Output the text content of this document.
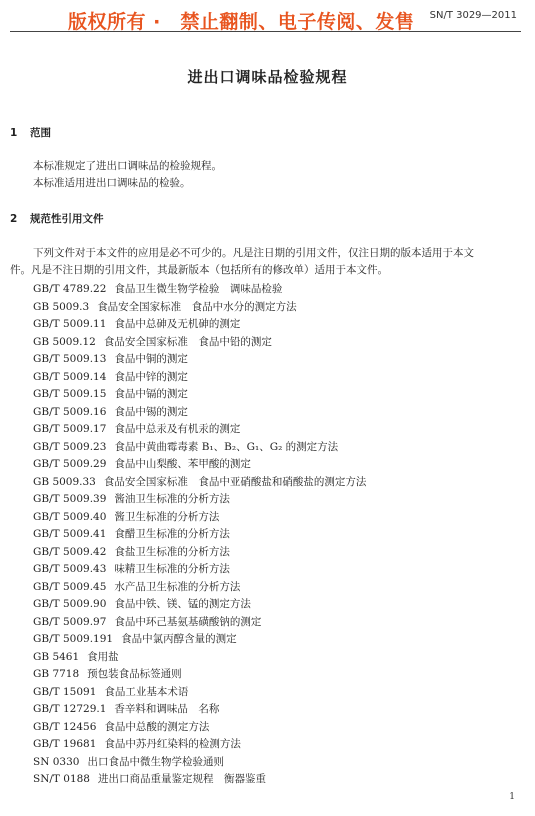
版权所有 ·　禁止翻制、电子传阅、发售 SN/T 3029—2011
进出口调味品检验规程
1 范围
本标准规定了进出口调味品的检验规程。
本标准适用进出口调味品的检验。
2 规范性引用文件
下列文件对于本文件的应用是必不可少的。凡是注日期的引用文件，仅注日期的版本适用于本文
件。凡是不注日期的引用文件，其最新版本（包括所有的修改单）适用于本文件。
GB/T 4789.22 食品卫生微生物学检验　调味品检验
GB 5009.3 食品安全国家标准　食品中水分的测定方法
GB/T 5009.11 食品中总砷及无机砷的测定
GB 5009.12 食品安全国家标准　食品中铅的测定
GB/T 5009.13 食品中铜的测定
GB/T 5009.14 食品中锌的测定
GB/T 5009.15 食品中镉的测定
GB/T 5009.16 食品中锡的测定
GB/T 5009.17 食品中总汞及有机汞的测定
GB/T 5009.23 食品中黄曲霉毒素 B₁、B₂、G₁、G₂ 的测定方法
GB/T 5009.29 食品中山梨酸、苯甲酸的测定
GB 5009.33 食品安全国家标准　食品中亚硝酸盐和硝酸盐的测定方法
GB/T 5009.39 酱油卫生标准的分析方法
GB/T 5009.40 酱卫生标准的分析方法
GB/T 5009.41 食醋卫生标准的分析方法
GB/T 5009.42 食盐卫生标准的分析方法
GB/T 5009.43 味精卫生标准的分析方法
GB/T 5009.45 水产品卫生标准的分析方法
GB/T 5009.90 食品中铁、镁、锰的测定方法
GB/T 5009.97 食品中环己基氨基磺酸钠的测定
GB/T 5009.191 食品中氯丙醇含量的测定
GB 5461 食用盐
GB 7718 预包装食品标签通则
GB/T 15091 食品工业基本术语
GB/T 12729.1 香辛料和调味品　名称
GB/T 12456 食品中总酸的测定方法
GB/T 19681 食品中苏丹红染料的检测方法
SN 0330 出口食品中微生物学检验通则
SN/T 0188 进出口商品重量鉴定规程　衡器鉴重
1
